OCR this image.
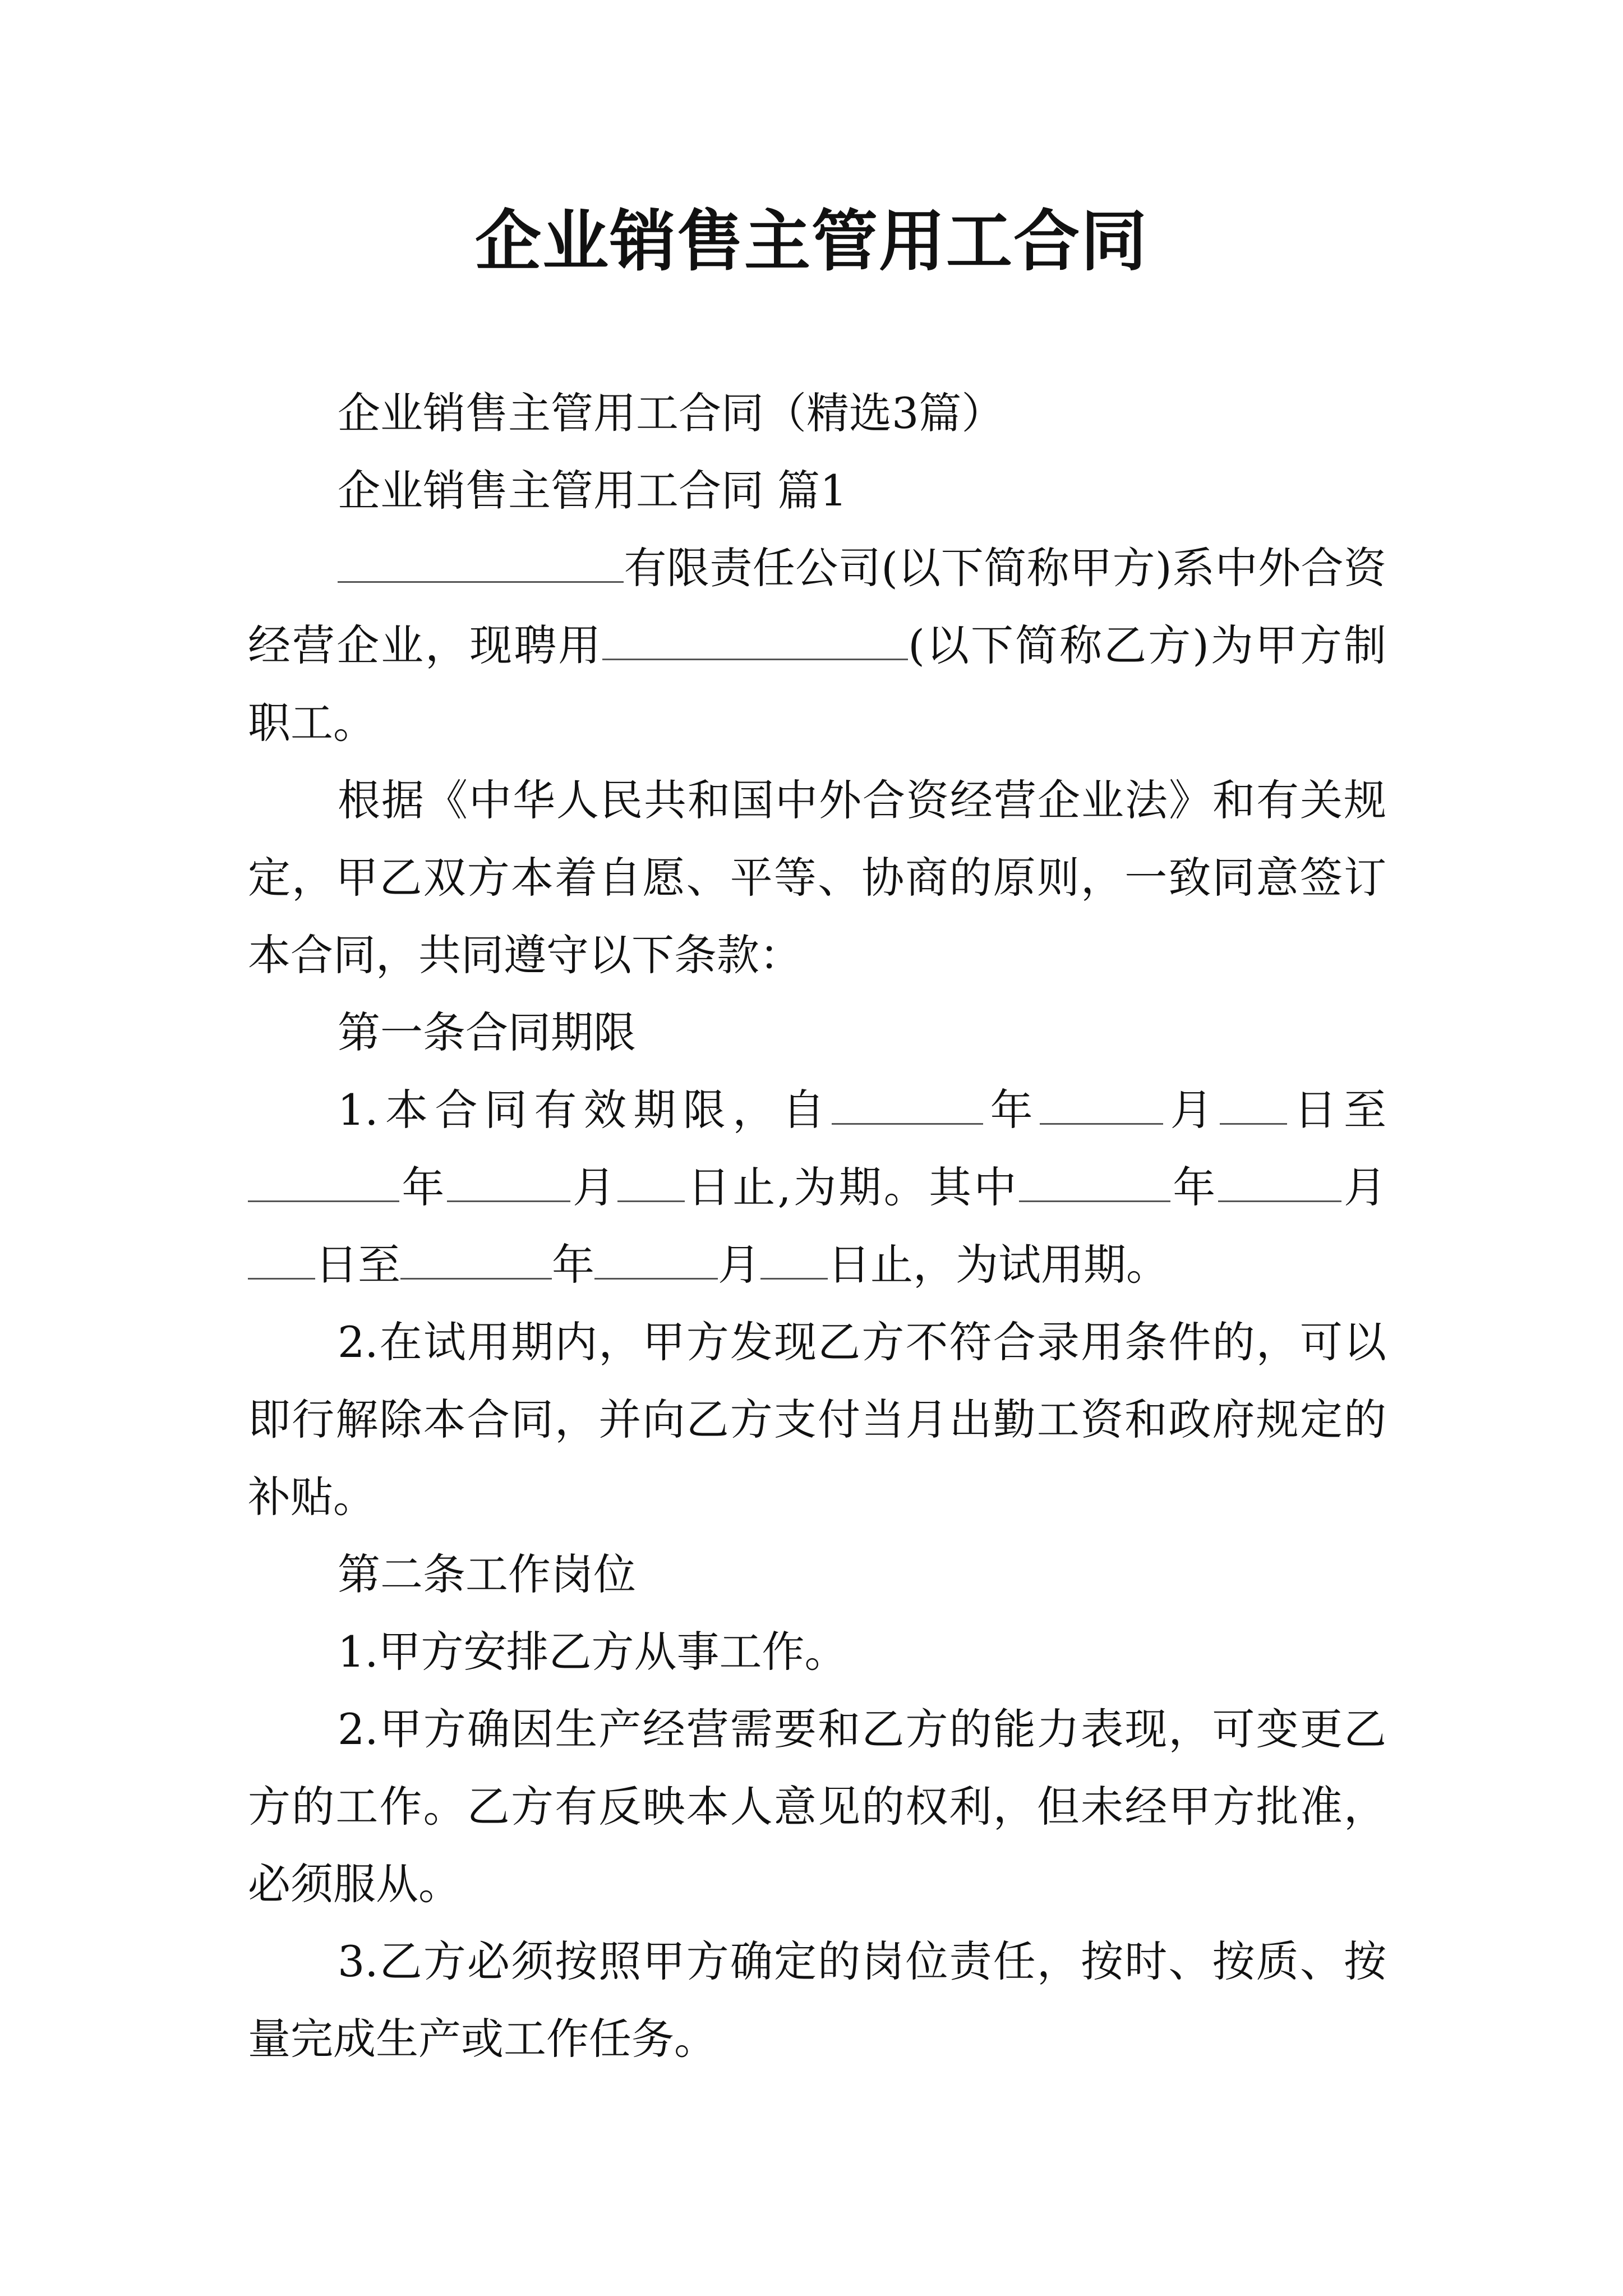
企业销售主管用工合同

企业销售主管用工合同（精选3篇）

企业销售主管用工合同 篇1

有限责任公司(以下简称甲方)系中外合资经营企业，现聘用	(以下简称乙方)为甲方制职工。

根据《中华人民共和国中外合资经营企业法》和有关规定，甲乙双方本着自愿、平等、协商的原则，一致同意签订本合同，共同遵守以下条款：

第一条合同期限

1.本合同有效期限，自	年	月 日至年	月 日止,为期。其中	年	月日至	年	月 日止，为试用期。

2.在试用期内，甲方发现乙方不符合录用条件的，可以即行解除本合同，并向乙方支付当月出勤工资和政府规定的补贴。

第二条工作岗位

1.甲方安排乙方从事工作。

2.甲方确因生产经营需要和乙方的能力表现，可变更乙方的工作。乙方有反映本人意见的权利，但未经甲方批准，必须服从。

3.乙方必须按照甲方确定的岗位责任，按时、按质、按量完成生产或工作任务。
